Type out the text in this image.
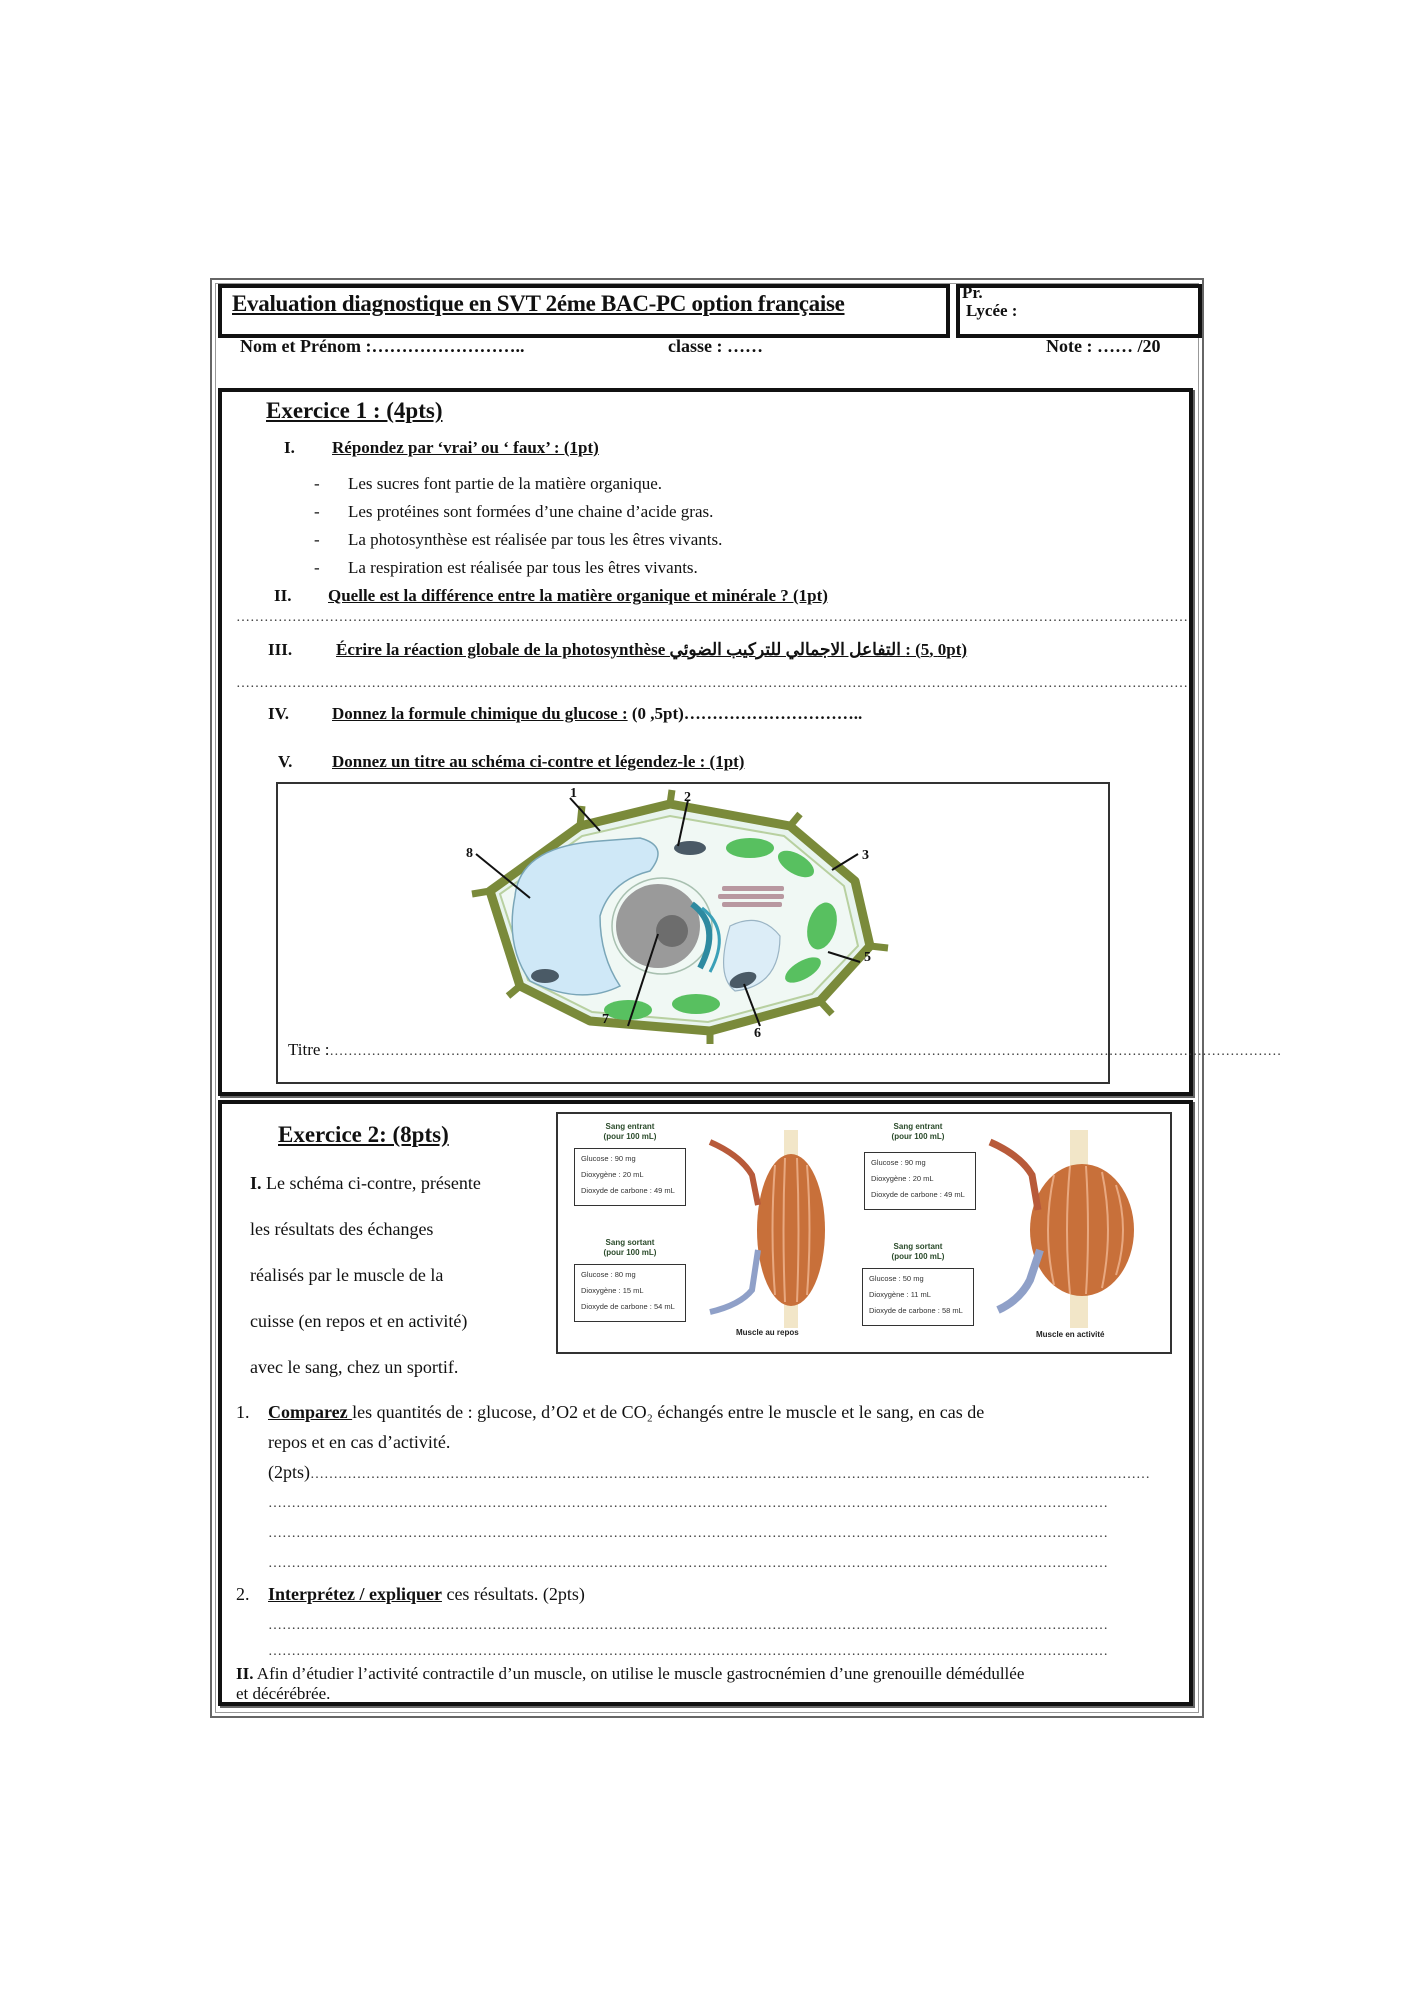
Evaluation diagnostique en SVT 2éme BAC-PC option française	Pr.
Lycée :
Nom et Prénom :……………………..	classe : ……	Note : …… /20
Exercice 1 : (4pts)
I. Répondez par ‘vrai’ ou ‘ faux’ : (1pt)
- Les sucres font partie de la matière organique.
- Les protéines sont formées d’une chaine d’acide gras.
- La photosynthèse est réalisée par tous les êtres vivants.
- La respiration est réalisée par tous les êtres vivants.
II. Quelle est la différence entre la matière organique et minérale ? (1pt)
……………………………………………………………………………………………………………………………………………………………………………………
III.	Écrire la réaction globale de la photosynthèse التفاعل الاجمالي للتركيب الضوئي : (0 ,5pt)
……………………………………………………………………………………………………………………………………………………………………………………
IV.	Donnez la formule chimique du glucose : (0 ,5pt)…………………………..
V. Donnez un titre au schéma ci-contre et légendez-le : (1pt)
1	2
3
5
6
7
8
Titre :……………………………………………………………………………………………………………………………………………………………………………………
Exercice 2: (8pts)
I. Le schéma ci-contre, présente
les résultats des échanges
réalisés par le muscle de la
cuisse (en repos et en activité)
avec le sang, chez un sportif.
Sang entrant
(pour 100 mL)
Glucose : 90 mg
Dioxygène : 20 mL
Dioxyde de carbone : 49 mL
Sang sortant
(pour 100 mL)
Glucose : 80 mg
Dioxygène : 15 mL
Dioxyde de carbone : 54 mL
Muscle au repos
Sang entrant
(pour 100 mL)
Glucose : 90 mg
Dioxygène : 20 mL
Dioxyde de carbone : 49 mL
Sang sortant
(pour 100 mL)
Glucose : 50 mg
Dioxygène : 11 mL
Dioxyde de carbone : 58 mL
Muscle en activité
1. Comparez les quantités de : glucose, d’O2 et de CO₂ échangés entre le muscle et le sang, en cas de
repos et en cas d’activité.
(2pts)………………………………………………………………………………………………………………………………………………………………
………………………………………………………………………………………………………………………………………………………………
………………………………………………………………………………………………………………………………………………………………
………………………………………………………………………………………………………………………………………………………………
2. Interprétez / expliquer ces résultats. (2pts)
………………………………………………………………………………………………………………………………………………………………
………………………………………………………………………………………………………………………………………………………………
II. Afin d’étudier l’activité contractile d’un muscle, on utilise le muscle gastrocnémien d’une grenouille démédullée
et décérébrée.
